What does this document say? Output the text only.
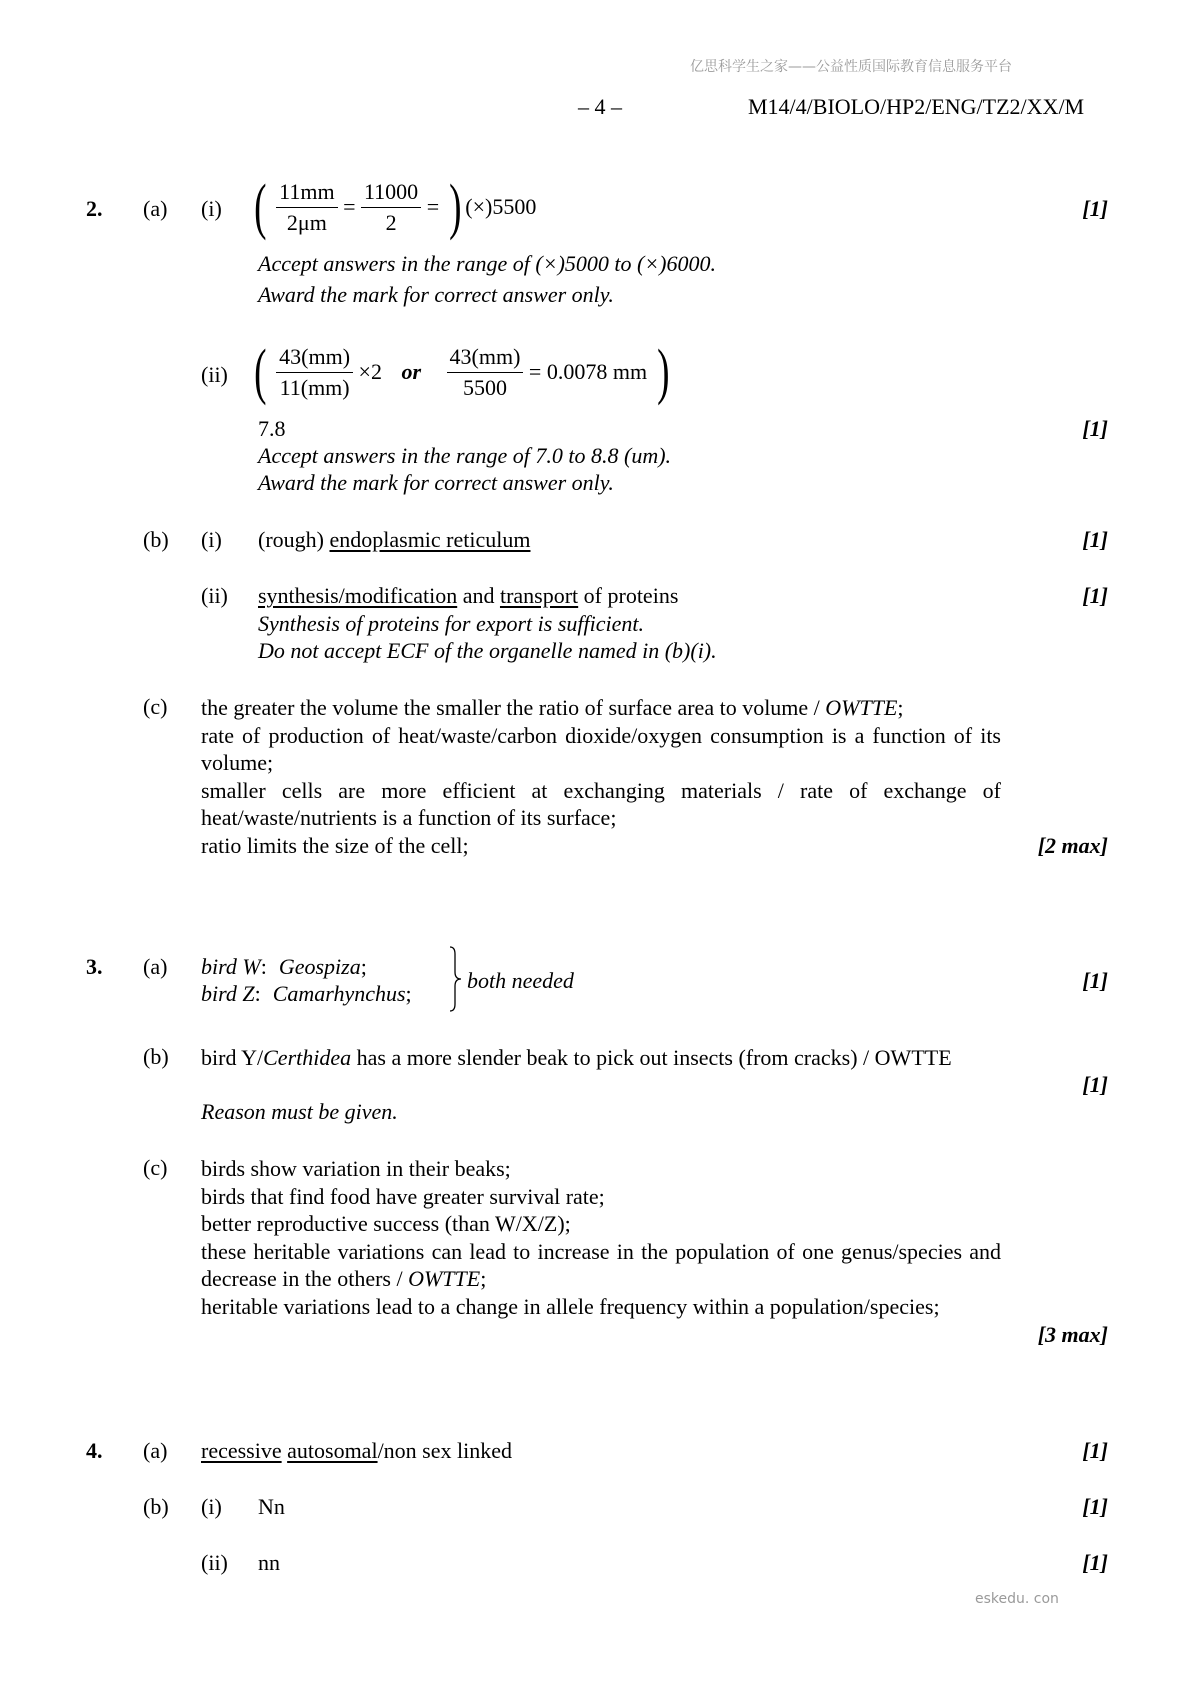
亿思科学生之家——公益性质国际教育信息服务平台
– 4 –	M14/4/BIOLO/HP2/ENG/TZ2/XX/M
2. (a) (i) ( $\frac{11mm}{2\mu m} = \frac{11000}{2}$ = ) (×)5500	[1]
Accept answers in the range of (×)5000 to (×)6000.
Award the mark for correct answer only.
(ii) ( $\frac{43(mm)}{11(mm)} \times 2$ or $\frac{43(mm)}{5500} = 0.0078$ mm )
7.8	[1]
Accept answers in the range of 7.0 to 8.8 (um).
Award the mark for correct answer only.
(b) (i) (rough) endoplasmic reticulum	[1]
(ii) synthesis/modification and transport of proteins	[1]
Synthesis of proteins for export is sufficient.
Do not accept ECF of the organelle named in (b)(i).
(c) the greater the volume the smaller the ratio of surface area to volume / OWTTE;
rate of production of heat/waste/carbon dioxide/oxygen consumption is a function of its volume;
smaller cells are more efficient at exchanging materials / rate of exchange of heat/waste/nutrients is a function of its surface;
ratio limits the size of the cell;	[2 max]
3. (a) bird W: Geospiza;
bird Z: Camarhynchus;
both needed	[1]
(b) bird Y/Certhidea has a more slender beak to pick out insects (from cracks) / OWTTE
[1]
Reason must be given.
(c) birds show variation in their beaks;
birds that find food have greater survival rate;
better reproductive success (than W/X/Z);
these heritable variations can lead to increase in the population of one genus/species and decrease in the others / OWTTE;
heritable variations lead to a change in allele frequency within a population/species;
[3 max]
4. (a) recessive autosomal/non sex linked	[1]
(b) (i) Nn	[1]
(ii) nn	[1]
eskedu. con
